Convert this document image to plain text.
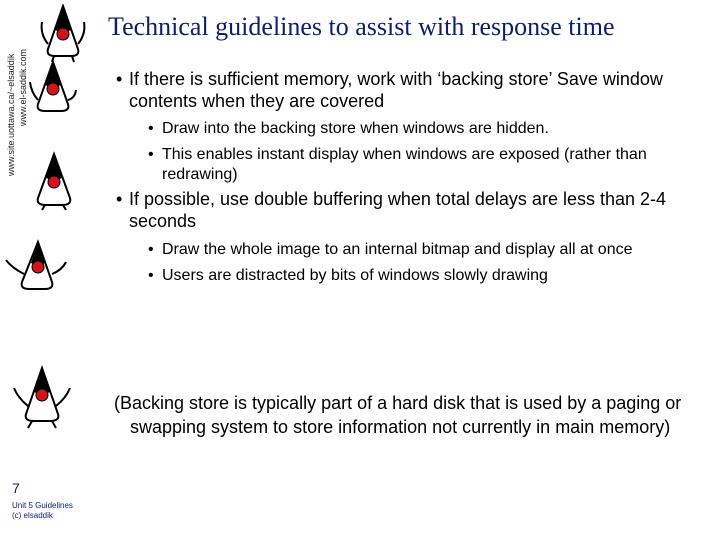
www.site.uottawa.ca/~elsaddik www.el-saddik.com
Technical guidelines to assist with response time
• If there is sufficient memory, work with ‘backing store’ Save window contents when they are covered
• Draw into the backing store when windows are hidden.
• This enables instant display when windows are exposed (rather than redrawing)
• If possible, use double buffering when total delays are less than 2-4 seconds
• Draw the whole image to an internal bitmap and display all at once
• Users are distracted by bits of windows slowly drawing
(Backing store is typically part of a hard disk that is used by a paging or swapping system to store information not currently in main memory)
7
Unit 5 Guidelines
(c) elsaddik
